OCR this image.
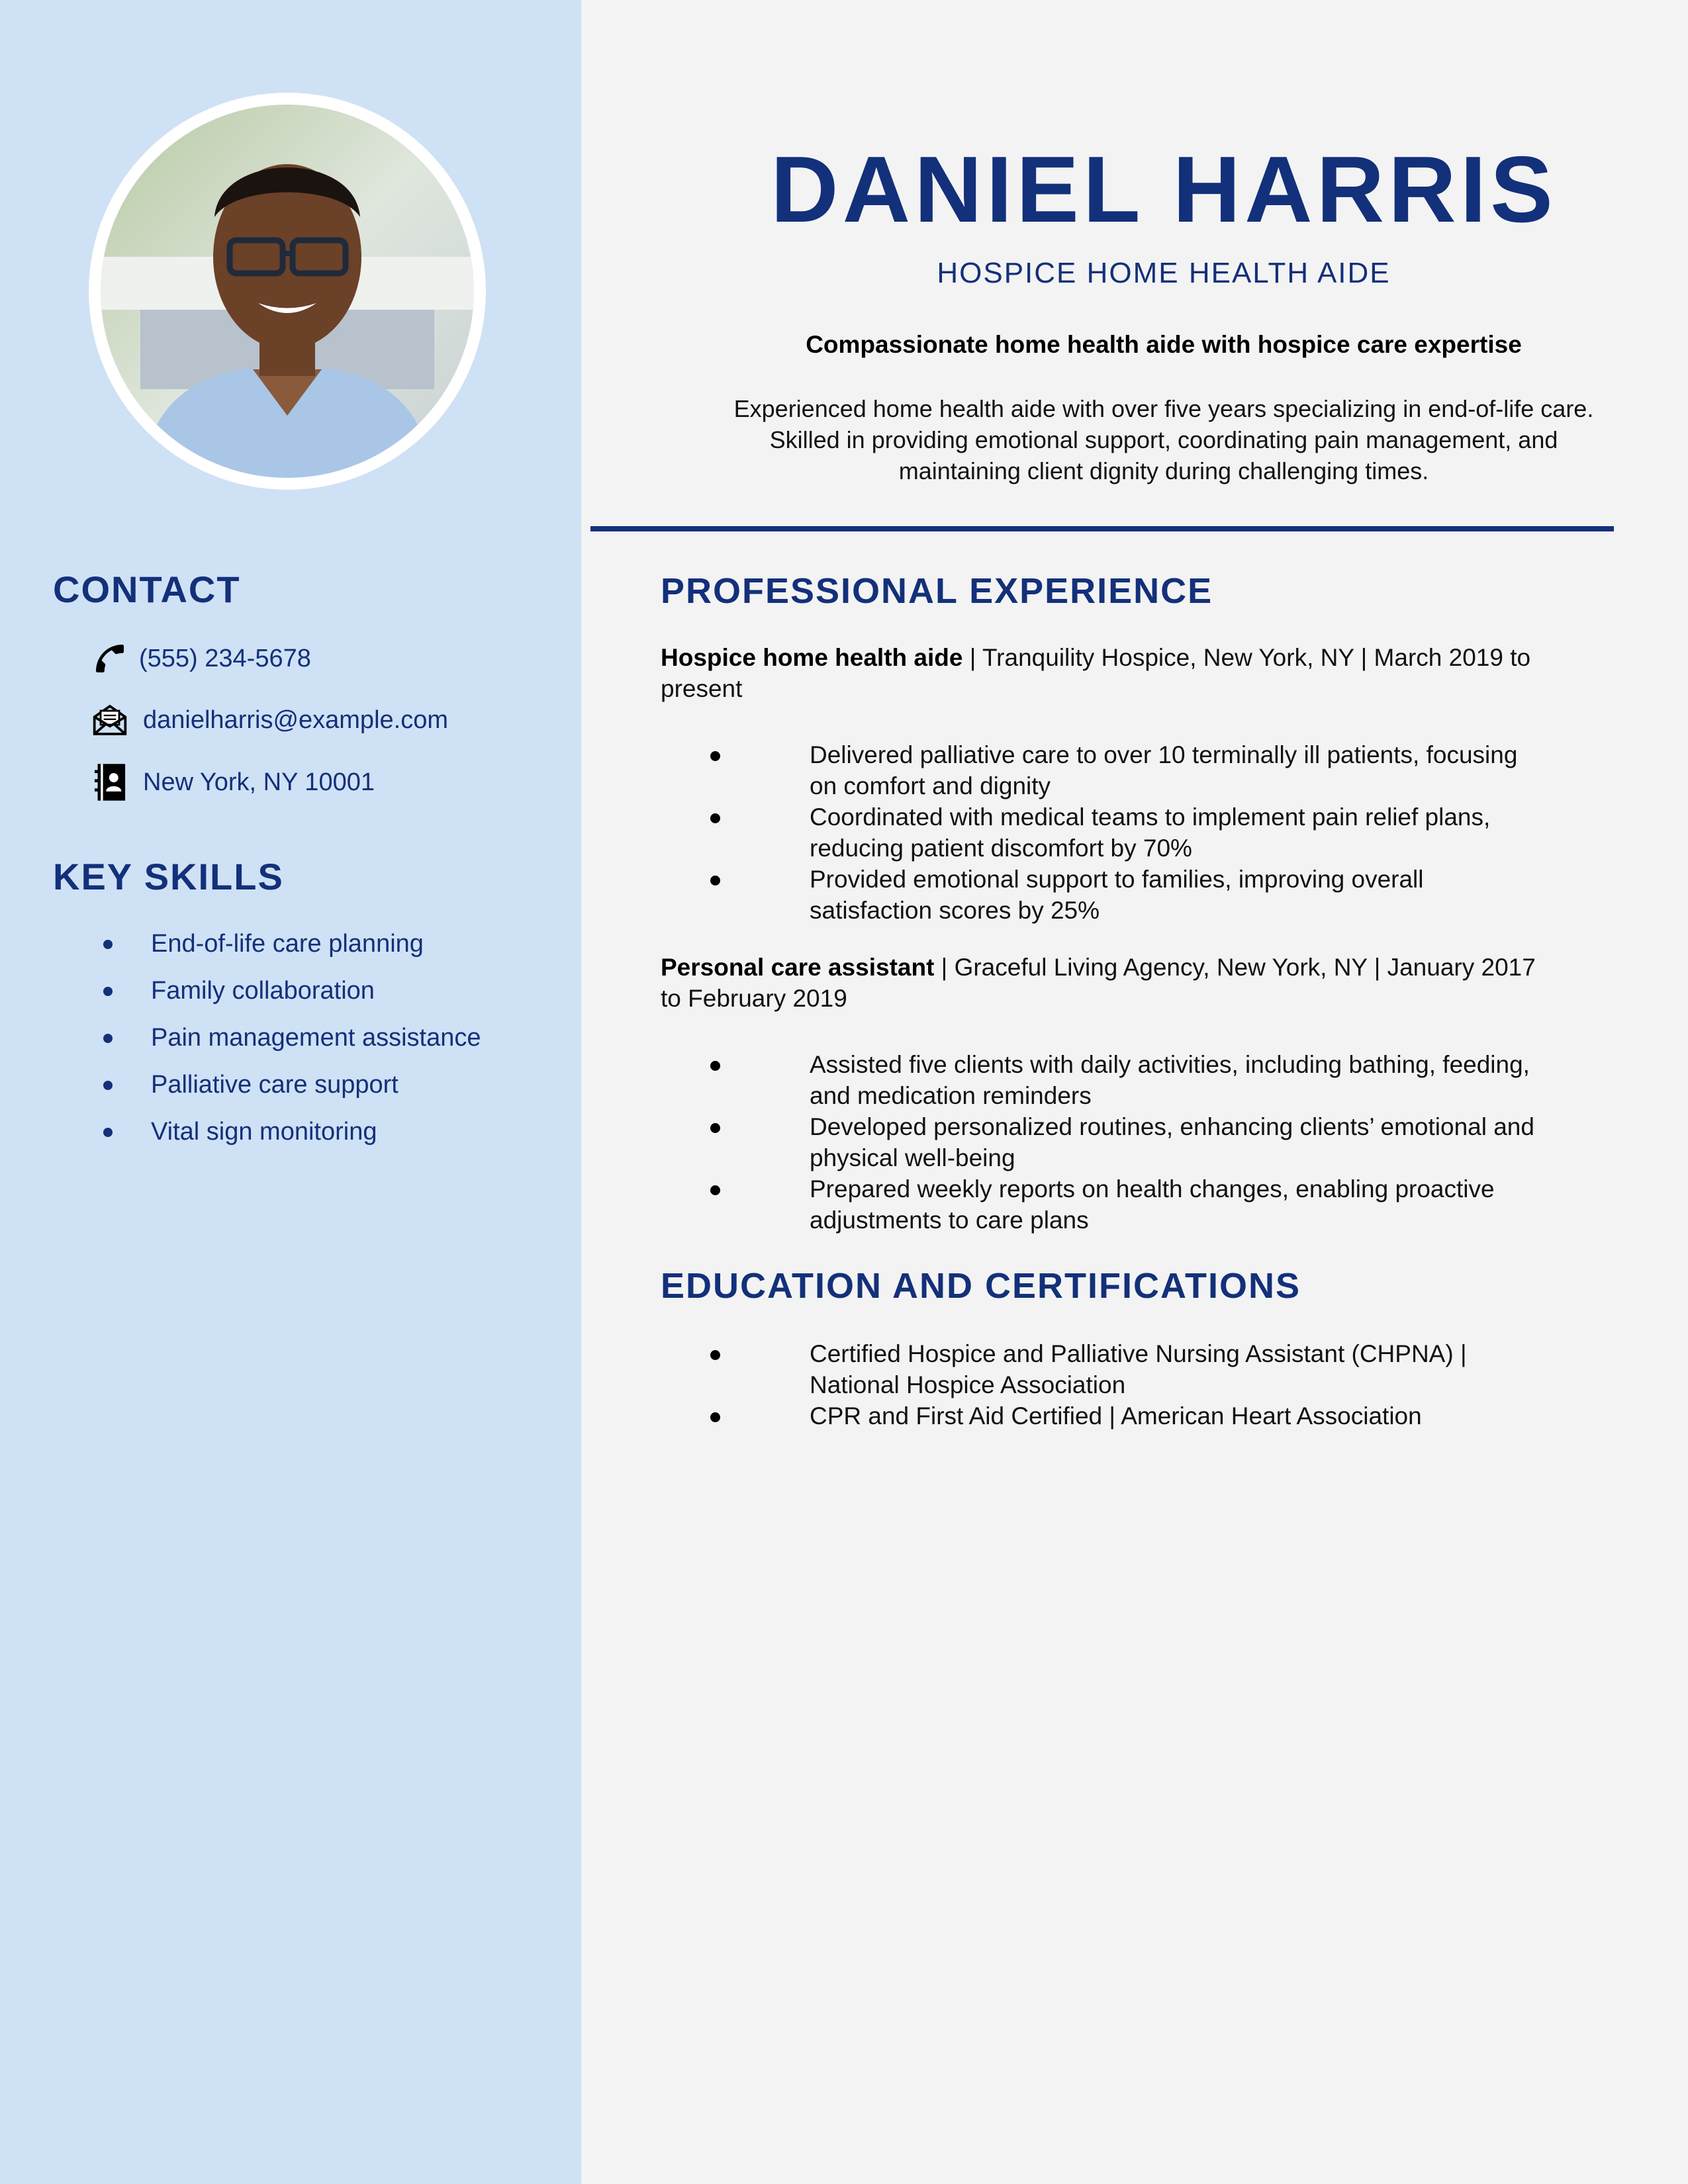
CONTACT
(555) 234-5678
danielharris@example.com
New York, NY 10001
KEY SKILLS
End-of-life care planning
Family collaboration
Pain management assistance
Palliative care support
Vital sign monitoring
DANIEL HARRIS
HOSPICE HOME HEALTH AIDE
Compassionate home health aide with hospice care expertise
Experienced home health aide with over five years specializing in end-of-life care. Skilled in providing emotional support, coordinating pain management, and maintaining client dignity during challenging times.
PROFESSIONAL EXPERIENCE
Hospice home health aide | Tranquility Hospice, New York, NY | March 2019 to present
Delivered palliative care to over 10 terminally ill patients, focusing on comfort and dignity
Coordinated with medical teams to implement pain relief plans, reducing patient discomfort by 70%
Provided emotional support to families, improving overall satisfaction scores by 25%
Personal care assistant | Graceful Living Agency, New York, NY | January 2017 to February 2019
Assisted five clients with daily activities, including bathing, feeding, and medication reminders
Developed personalized routines, enhancing clients’ emotional and physical well-being
Prepared weekly reports on health changes, enabling proactive adjustments to care plans
EDUCATION AND CERTIFICATIONS
Certified Hospice and Palliative Nursing Assistant (CHPNA) | National Hospice Association
CPR and First Aid Certified | American Heart Association
